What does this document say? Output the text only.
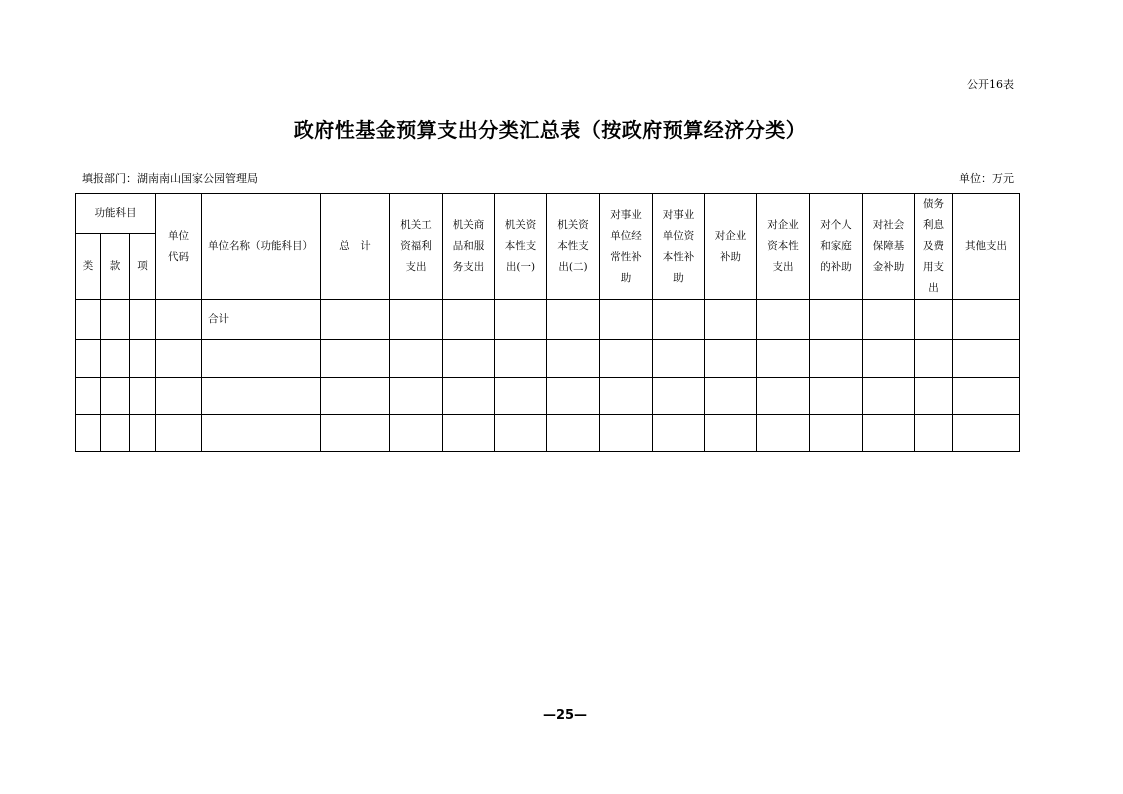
公开16表
政府性基金预算支出分类汇总表（按政府预算经济分类）
填报部门：湖南南山国家公园管理局	单位：万元
功能科目			单位代码	单位名称（功能科目）	总　计	机关工资福利支出	机关商品和服务支出	机关资本性支出(一)	机关资本性支出(二)	对事业单位经常性补助	对事业单位资本性补助	对企业补助	对企业资本性支出	对个人和家庭的补助	对社会保障基金补助	债务利息及费用支出	其他支出
类	款	项															
				合计													

—25—
